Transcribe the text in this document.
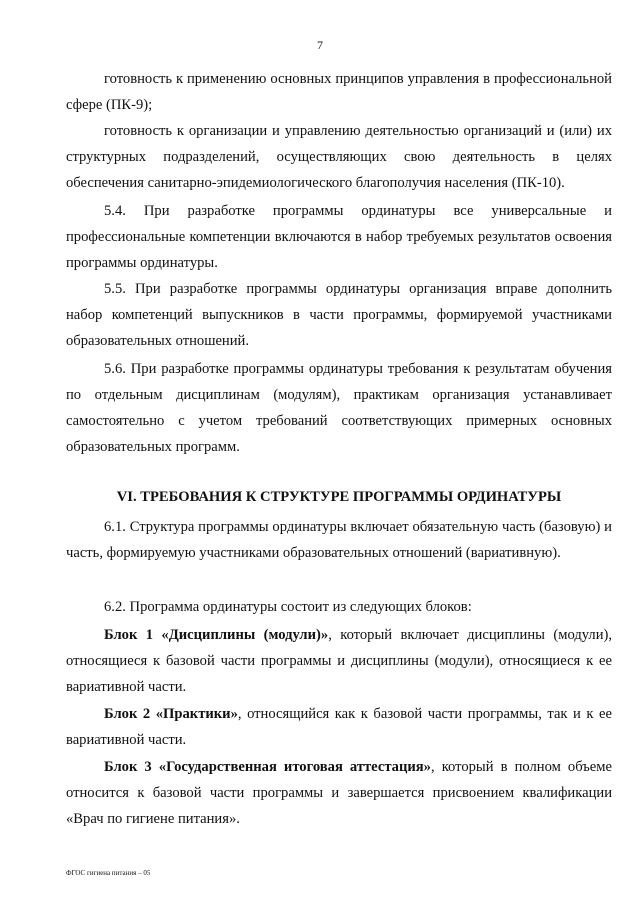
7

готовность к применению основных принципов управления в профессиональной сфере (ПК-9);

готовность к организации и управлению деятельностью организаций и (или) их структурных подразделений, осуществляющих свою деятельность в целях обеспечения санитарно-эпидемиологического благополучия населения (ПК-10).

5.4. При разработке программы ординатуры все универсальные и профессиональные компетенции включаются в набор требуемых результатов освоения программы ординатуры.

5.5. При разработке программы ординатуры организация вправе дополнить набор компетенций выпускников в части программы, формируемой участниками образовательных отношений.

5.6. При разработке программы ординатуры требования к результатам обучения по отдельным дисциплинам (модулям), практикам организация устанавливает самостоятельно с учетом требований соответствующих примерных основных образовательных программ.

VI. ТРЕБОВАНИЯ К СТРУКТУРЕ ПРОГРАММЫ ОРДИНАТУРЫ

6.1. Структура программы ординатуры включает обязательную часть (базовую) и часть, формируемую участниками образовательных отношений (вариативную).

6.2. Программа ординатуры состоит из следующих блоков:

Блок 1 «Дисциплины (модули)», который включает дисциплины (модули), относящиеся к базовой части программы и дисциплины (модули), относящиеся к ее вариативной части.

Блок 2 «Практики», относящийся как к базовой части программы, так и к ее вариативной части.

Блок 3 «Государственная итоговая аттестация», который в полном объеме относится к базовой части программы и завершается присвоением квалификации «Врач по гигиене питания».

ФГОС гигиена питания – 05
